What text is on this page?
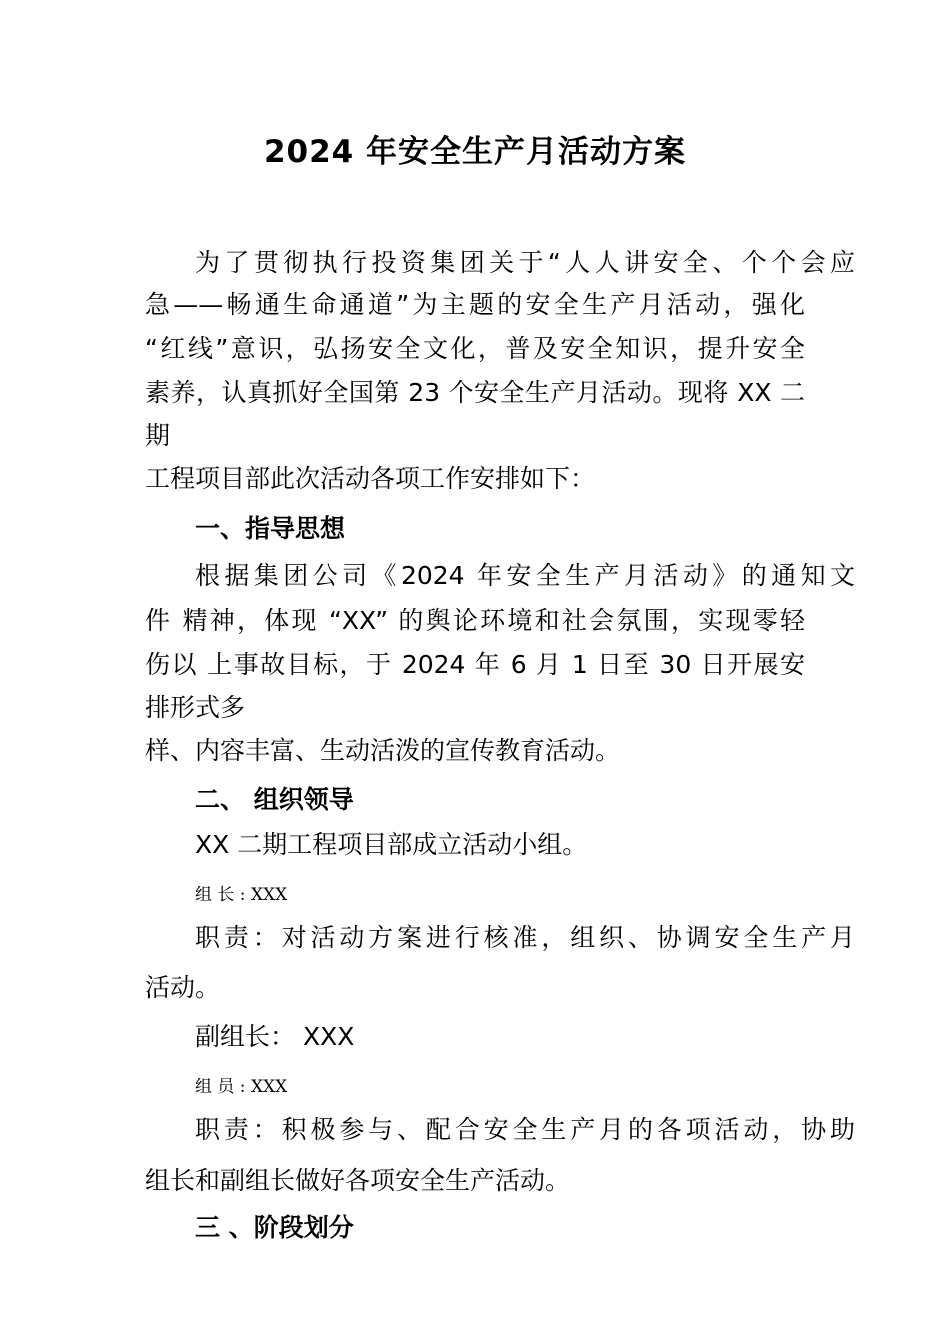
2024 年安全生产月活动方案
为了贯彻执行投资集团关于“人人讲安全、个个会应
急——畅通生命通道”为主题的安全生产月活动，强化
“红线”意识，弘扬安全文化，普及安全知识，提升安全
素养，认真抓好全国第 23 个安全生产月活动。现将 XX 二
期
工程项目部此次活动各项工作安排如下：
一、指导思想
根据集团公司《2024 年安全生产月活动》的通知文
件 精神，体现 “XX” 的舆论环境和社会氛围，实现零轻
伤以 上事故目标，于 2024 年 6 月 1 日至 30 日开展安
排形式多
样、内容丰富、生动活泼的宣传教育活动。
二、 组织领导
XX 二期工程项目部成立活动小组。
组 长 : XXX
职责：对活动方案进行核准，组织、协调安全生产月
活动。
副组长： XXX
组 员 : XXX
职责：积极参与、配合安全生产月的各项活动，协助
组长和副组长做好各项安全生产活动。
三 、阶段划分
